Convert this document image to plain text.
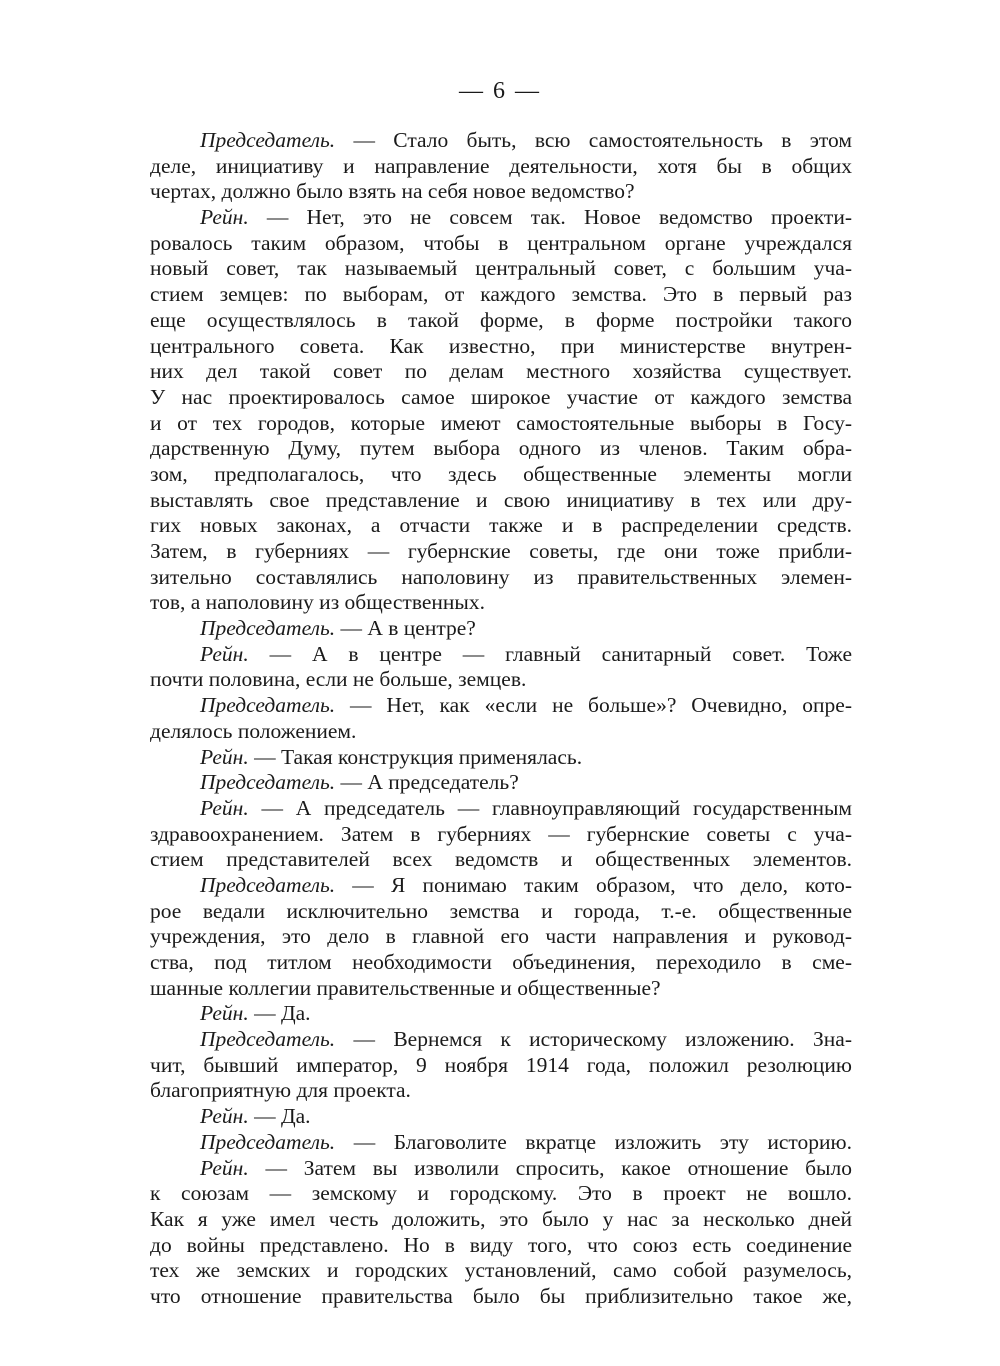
— 6 —
Председатель. — Стало быть, всю самостоятельность в этом
деле, инициативу и направление деятельности, хотя бы в общих
чертах, должно было взять на себя новое ведомство?
Рейн. — Нет, это не совсем так. Новое ведомство проекти-
ровалось таким образом, чтобы в центральном органе учреждался
новый совет, так называемый центральный совет, с большим уча-
стием земцев: по выборам, от каждого земства. Это в первый раз
еще осуществлялось в такой форме, в форме постройки такого
центрального совета. Как известно, при министерстве внутрен-
них дел такой совет по делам местного хозяйства существует.
У нас проектировалось самое широкое участие от каждого земства
и от тех городов, которые имеют самостоятельные выборы в Госу-
дарственную Думу, путем выбора одного из членов. Таким обра-
зом, предполагалось, что здесь общественные элементы могли
выставлять свое представление и свою инициативу в тех или дру-
гих новых законах, а отчасти также и в распределении средств.
Затем, в губерниях — губернские советы, где они тоже прибли-
зительно составлялись наполовину из правительственных элемен-
тов, а наполовину из общественных.
Председатель. — А в центре?
Рейн. — А в центре — главный санитарный совет. Тоже
почти половина, если не больше, земцев.
Председатель. — Нет, как «если не больше»? Очевидно, опре-
делялось положением.
Рейн. — Такая конструкция применялась.
Председатель. — А председатель?
Рейн. — А председатель — главноуправляющий государственным
здравоохранением. Затем в губерниях — губернские советы с уча-
стием представителей всех ведомств и общественных элементов.
Председатель. — Я понимаю таким образом, что дело, кото-
рое ведали исключительно земства и города, т.-е. общественные
учреждения, это дело в главной его части направления и руковод-
ства, под титлом необходимости объединения, переходило в сме-
шанные коллегии правительственные и общественные?
Рейн. — Да.
Председатель. — Вернемся к историческому изложению. Зна-
чит, бывший император, 9 ноября 1914 года, положил резолюцию
благоприятную для проекта.
Рейн. — Да.
Председатель. — Благоволите вкратце изложить эту историю.
Рейн. — Затем вы изволили спросить, какое отношение было
к союзам — земскому и городскому. Это в проект не вошло.
Как я уже имел честь доложить, это было у нас за несколько дней
до войны представлено. Но в виду того, что союз есть соединение
тех же земских и городских установлений, само собой разумелось,
что отношение правительства было бы приблизительно такое же,
